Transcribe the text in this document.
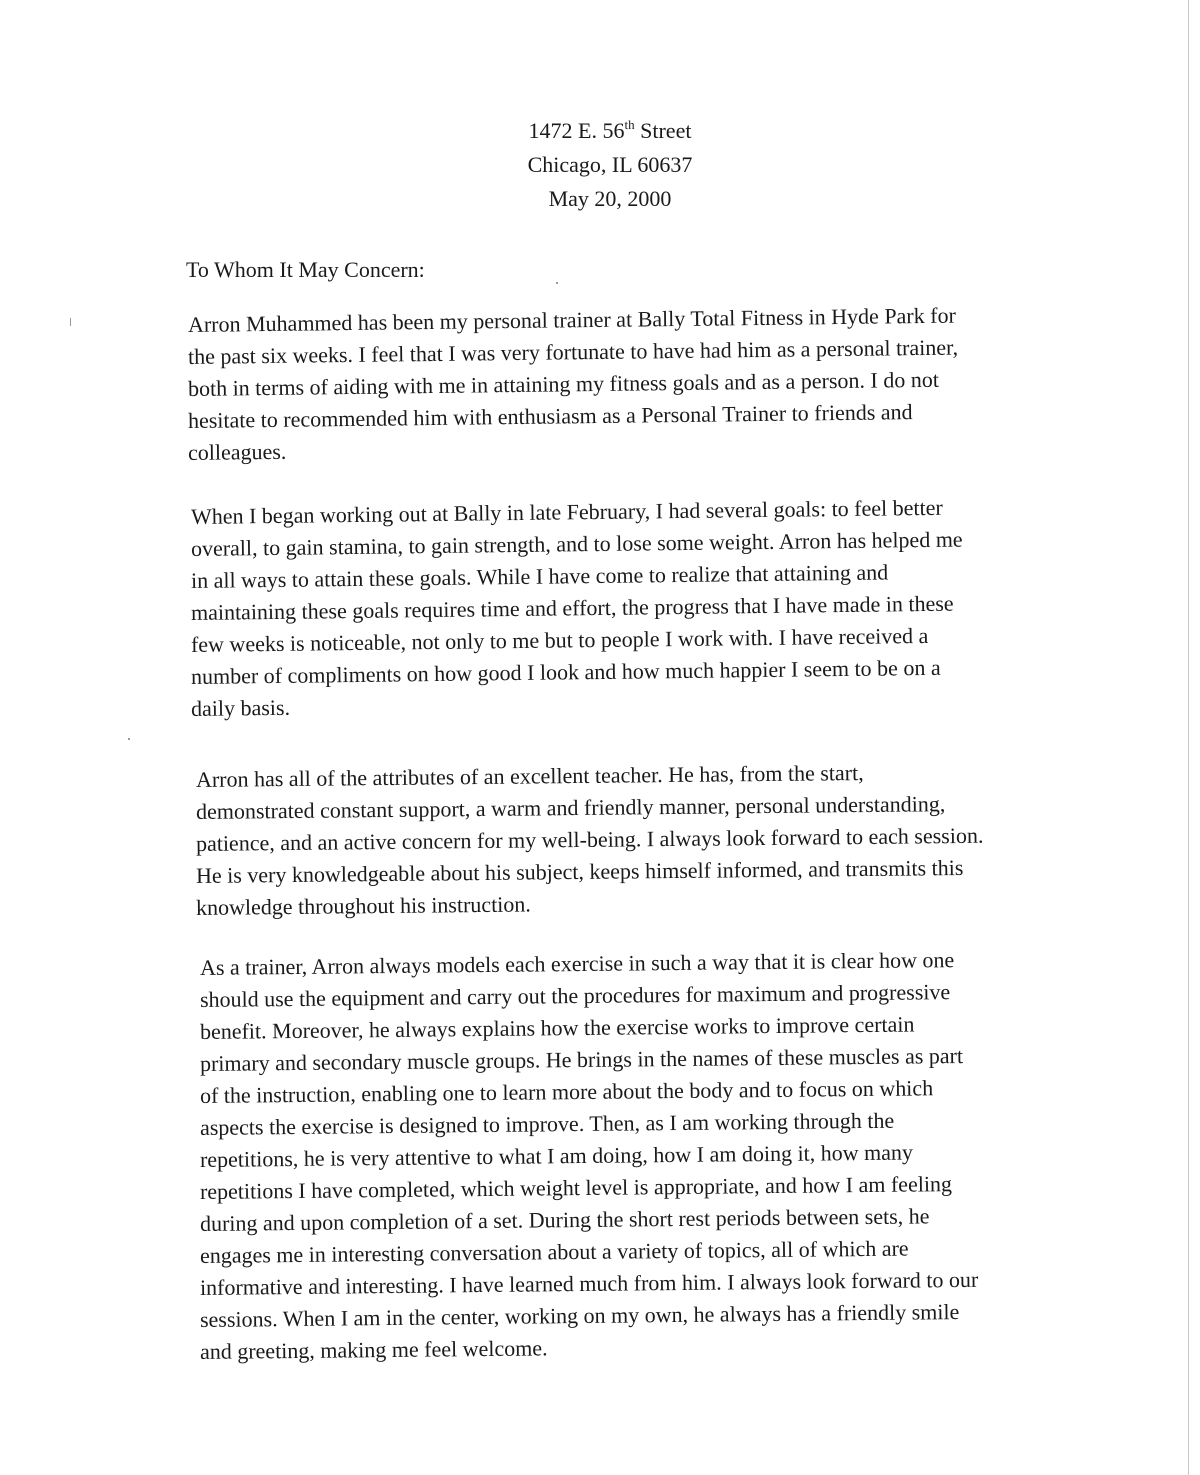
1472 E. 56th Street
Chicago, IL 60637
May 20, 2000
To Whom It May Concern:
Arron Muhammed has been my personal trainer at Bally Total Fitness in Hyde Park for
the past six weeks. I feel that I was very fortunate to have had him as a personal trainer,
both in terms of aiding with me in attaining my fitness goals and as a person. I do not
hesitate to recommended him with enthusiasm as a Personal Trainer to friends and
colleagues.
When I began working out at Bally in late February, I had several goals: to feel better
overall, to gain stamina, to gain strength, and to lose some weight. Arron has helped me
in all ways to attain these goals. While I have come to realize that attaining and
maintaining these goals requires time and effort, the progress that I have made in these
few weeks is noticeable, not only to me but to people I work with. I have received a
number of compliments on how good I look and how much happier I seem to be on a
daily basis.
Arron has all of the attributes of an excellent teacher. He has, from the start,
demonstrated constant support, a warm and friendly manner, personal understanding,
patience, and an active concern for my well-being. I always look forward to each session.
He is very knowledgeable about his subject, keeps himself informed, and transmits this
knowledge throughout his instruction.
As a trainer, Arron always models each exercise in such a way that it is clear how one
should use the equipment and carry out the procedures for maximum and progressive
benefit. Moreover, he always explains how the exercise works to improve certain
primary and secondary muscle groups. He brings in the names of these muscles as part
of the instruction, enabling one to learn more about the body and to focus on which
aspects the exercise is designed to improve. Then, as I am working through the
repetitions, he is very attentive to what I am doing, how I am doing it, how many
repetitions I have completed, which weight level is appropriate, and how I am feeling
during and upon completion of a set. During the short rest periods between sets, he
engages me in interesting conversation about a variety of topics, all of which are
informative and interesting. I have learned much from him. I always look forward to our
sessions. When I am in the center, working on my own, he always has a friendly smile
and greeting, making me feel welcome.
